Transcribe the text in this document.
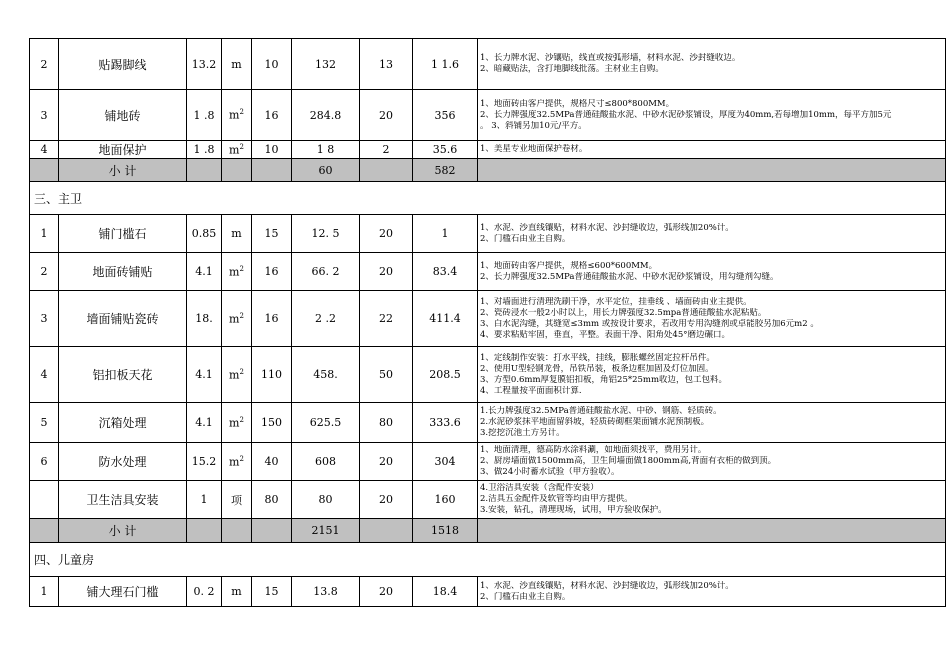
2	贴踢脚线	13.2	m	10	132	13	1 1.6	1、长力牌水泥、沙镶贴，线直或按弧形墙，材料水泥、沙封缝收边。
2、暗藏贴法，含打地脚线批荡。主材业主自购。

3	铺地砖	1 .8	$m^2$	16	284.8	20	356	1、地面砖由客户提供，规格尺寸≤800*800MM。
2、长力牌强度32.5MPa普通硅酸盐水泥、中砂水泥砂浆铺设，厚度为40mm,若每增加10mm，每平方加5元
。 3、斜铺另加10元/平方。

4	地面保护	1 .8	$m^2$	10	1 8	2	35.6	1、美星专业地面保护卷材。

	小 计				60		582	
三、主卫								
1	铺门槛石	0.85	m	15	12. 5	20	1	1、水泥、沙直线镶贴，材料水泥、沙封缝收边，弧形线加20%计。
2、门槛石由业主自购。

2	地面砖铺贴	4.1	$m^2$	16	66. 2	20	83.4	1、地面砖由客户提供，规格≤600*600MM。
2、长力牌强度32.5MPa普通硅酸盐水泥、中砂水泥砂浆铺设，用勾缝剂勾缝。

3	墙面铺贴瓷砖	18.	$m^2$	16	2 .2	22	411.4	1、对墙面进行清理洗刷干净，水平定位，挂垂线 、墙面砖由业主提供。
2、瓷砖浸水一般2小时以上，用长力牌强度32.5mpa普通硅酸盐水泥粘贴。
3、白水泥沟缝，其缝宽≤3mm 或按设计要求，若改用专用沟缝剂或卓能胶另加6元m2 。
4、要求粘贴牢固，垂直，平整。表面干净、阳角处45°磨边碾口。

4	铝扣板天花	4.1	$m^2$	110	458.	50	208.5	1、定线制作安装：打水平线，挂线，膨胀螺丝固定拉杆吊件。
2、使用U型轻钢龙骨，吊铁吊装，板条边框加固及灯位加固。
3、方型0.6mm厚复膜铝扣板，角铝25*25mm收边，包工包料。
4、工程量按平面面积计算.

5	沉箱处理	4.1	$m^2$	150	625.5	80	333.6	1.长力牌强度32.5MPa普通硅酸盐水泥、中砂、钢筋、轻质砖。
2.水泥砂浆抹平地面留斜坡，轻质砖砌框架面铺水泥预制板。
3.挖挖沉池土方另计。

6	防水处理	15.2	$m^2$	40	608	20	304	1、地面清理，德高防水涂料涮，如地面须找平，费用另计。
2、厨房墙面做1500mm高，卫生间墙面做1800mm高,背面有衣柜的做到顶。
3、做24小时蓄水试验（甲方验收）。

	卫生洁具安装	1	项	80	80	20	160	4.卫浴洁具安装（含配件安装）
2.洁具五金配件及软管等均由甲方提供。
3.安装，钻孔，清理现场，试用，甲方验收保护。

	小 计				2151		1518	
四、儿童房								
1	铺大理石门槛	0. 2	m	15	13.8	20	18.4	1、水泥、沙直线镶贴，材料水泥、沙封缝收边，弧形线加20%计。
2、门槛石由业主自购。
